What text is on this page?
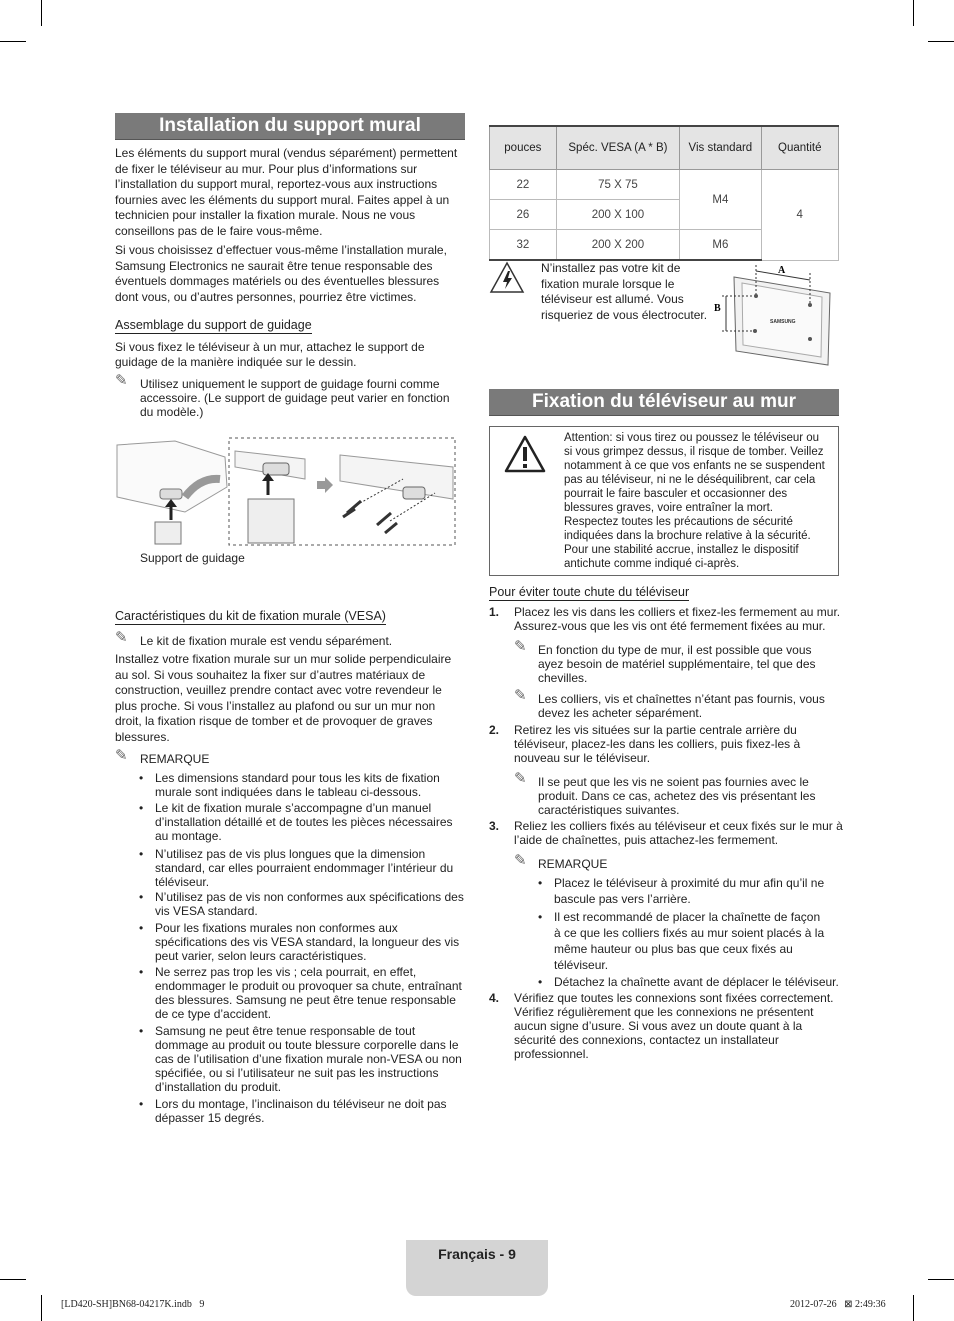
Installation du support mural

Les éléments du support mural (vendus séparément) permettent de fixer le téléviseur au mur. Pour plus d’informations sur l’installation du support mural, reportez-vous aux instructions fournies avec les éléments du support mural. Faites appel à un technicien pour installer la fixation murale. Nous ne vous conseillons pas de le faire vous-même.

Si vous choisissez d’effectuer vous-même l’installation murale, Samsung Electronics ne saurait être tenue responsable des éventuels dommages matériels ou des éventuelles blessures dont vous, ou d’autres personnes, pourriez être victimes.

Assemblage du support de guidage

Si vous fixez le téléviseur à un mur, attachez le support de guidage de la manière indiquée sur le dessin.

✎ Utilisez uniquement le support de guidage fourni comme accessoire. (Le support de guidage peut varier en fonction du modèle.)
Support de guidage
Caractéristiques du kit de fixation murale (VESA)
✎ Le kit de fixation murale est vendu séparément.

Installez votre fixation murale sur un mur solide perpendiculaire au sol. Si vous souhaitez la fixer sur d’autres matériaux de construction, veuillez prendre contact avec votre revendeur le plus proche. Si vous l’installez au plafond ou sur un mur non droit, la fixation risque de tomber et de provoquer de graves blessures.

✎ REMARQUE
• Les dimensions standard pour tous les kits de fixation murale sont indiquées dans le tableau ci-dessous.
• Le kit de fixation murale s’accompagne d’un manuel d’installation détaillé et de toutes les pièces nécessaires au montage.
• N’utilisez pas de vis plus longues que la dimension standard, car elles pourraient endommager l’intérieur du téléviseur.
• N’utilisez pas de vis non conformes aux spécifications des vis VESA standard.
• Pour les fixations murales non conformes aux spécifications des vis VESA standard, la longueur des vis peut varier, selon leurs caractéristiques.
• Ne serrez pas trop les vis ; cela pourrait, en effet, endommager le produit ou provoquer sa chute, entraînant des blessures. Samsung ne peut être tenue responsable de ce type d’accident.
• Samsung ne peut être tenue responsable de tout dommage au produit ou toute blessure corporelle dans le cas de l’utilisation d’une fixation murale non-VESA ou non spécifiée, ou si l’utilisateur ne suit pas les instructions d’installation du produit.
• Lors du montage, l’inclinaison du téléviseur ne doit pas dépasser 15 degrés.
pouces	Spéc. VESA (A * B)	Vis standard	Quantité
22	75 X 75	M4	4
26	200 X 100		
32	200 X 200	M6	

N’installez pas votre kit de fixation murale lorsque le téléviseur est allumé. Vous risqueriez de vous électrocuter.

A
B
SAMSUNG
Fixation du téléviseur au mur
Attention: si vous tirez ou poussez le téléviseur ou si vous grimpez dessus, il risque de tomber. Veillez notamment à ce que vos enfants ne se suspendent pas au téléviseur, ni ne le déséquilibrent, car cela pourrait le faire basculer et occasionner des blessures graves, voire entraîner la mort. Respectez toutes les précautions de sécurité indiquées dans la brochure relative à la sécurité. Pour une stabilité accrue, installez le dispositif antichute comme indiqué ci-après.
Pour éviter toute chute du téléviseur
1. Placez les vis dans les colliers et fixez-les fermement au mur. Assurez-vous que les vis ont été fermement fixées au mur.
✎ En fonction du type de mur, il est possible que vous ayez besoin de matériel supplémentaire, tel que des chevilles.
✎ Les colliers, vis et chaînettes n’étant pas fournis, vous devez les acheter séparément.
2. Retirez les vis situées sur la partie centrale arrière du téléviseur, placez-les dans les colliers, puis fixez-les à nouveau sur le téléviseur.
✎ Il se peut que les vis ne soient pas fournies avec le produit. Dans ce cas, achetez des vis présentant les caractéristiques suivantes.
3. Reliez les colliers fixés au téléviseur et ceux fixés sur le mur à l’aide de chaînettes, puis attachez-les fermement.
✎ REMARQUE
• Placez le téléviseur à proximité du mur afin qu’il ne bascule pas vers l’arrière.
• Il est recommandé de placer la chaînette de façon à ce que les colliers fixés au mur soient placés à la même hauteur ou plus bas que ceux fixés au téléviseur.
• Détachez la chaînette avant de déplacer le téléviseur.
4. Vérifiez que toutes les connexions sont fixées correctement. Vérifiez régulièrement que les connexions ne présentent aucun signe d’usure. Si vous avez un doute quant à la sécurité des connexions, contactez un installateur professionnel.
Français - 9
[LD420-SH]BN68-04217K.indb   9	2012-07-26   ⊠ 2:49:36
